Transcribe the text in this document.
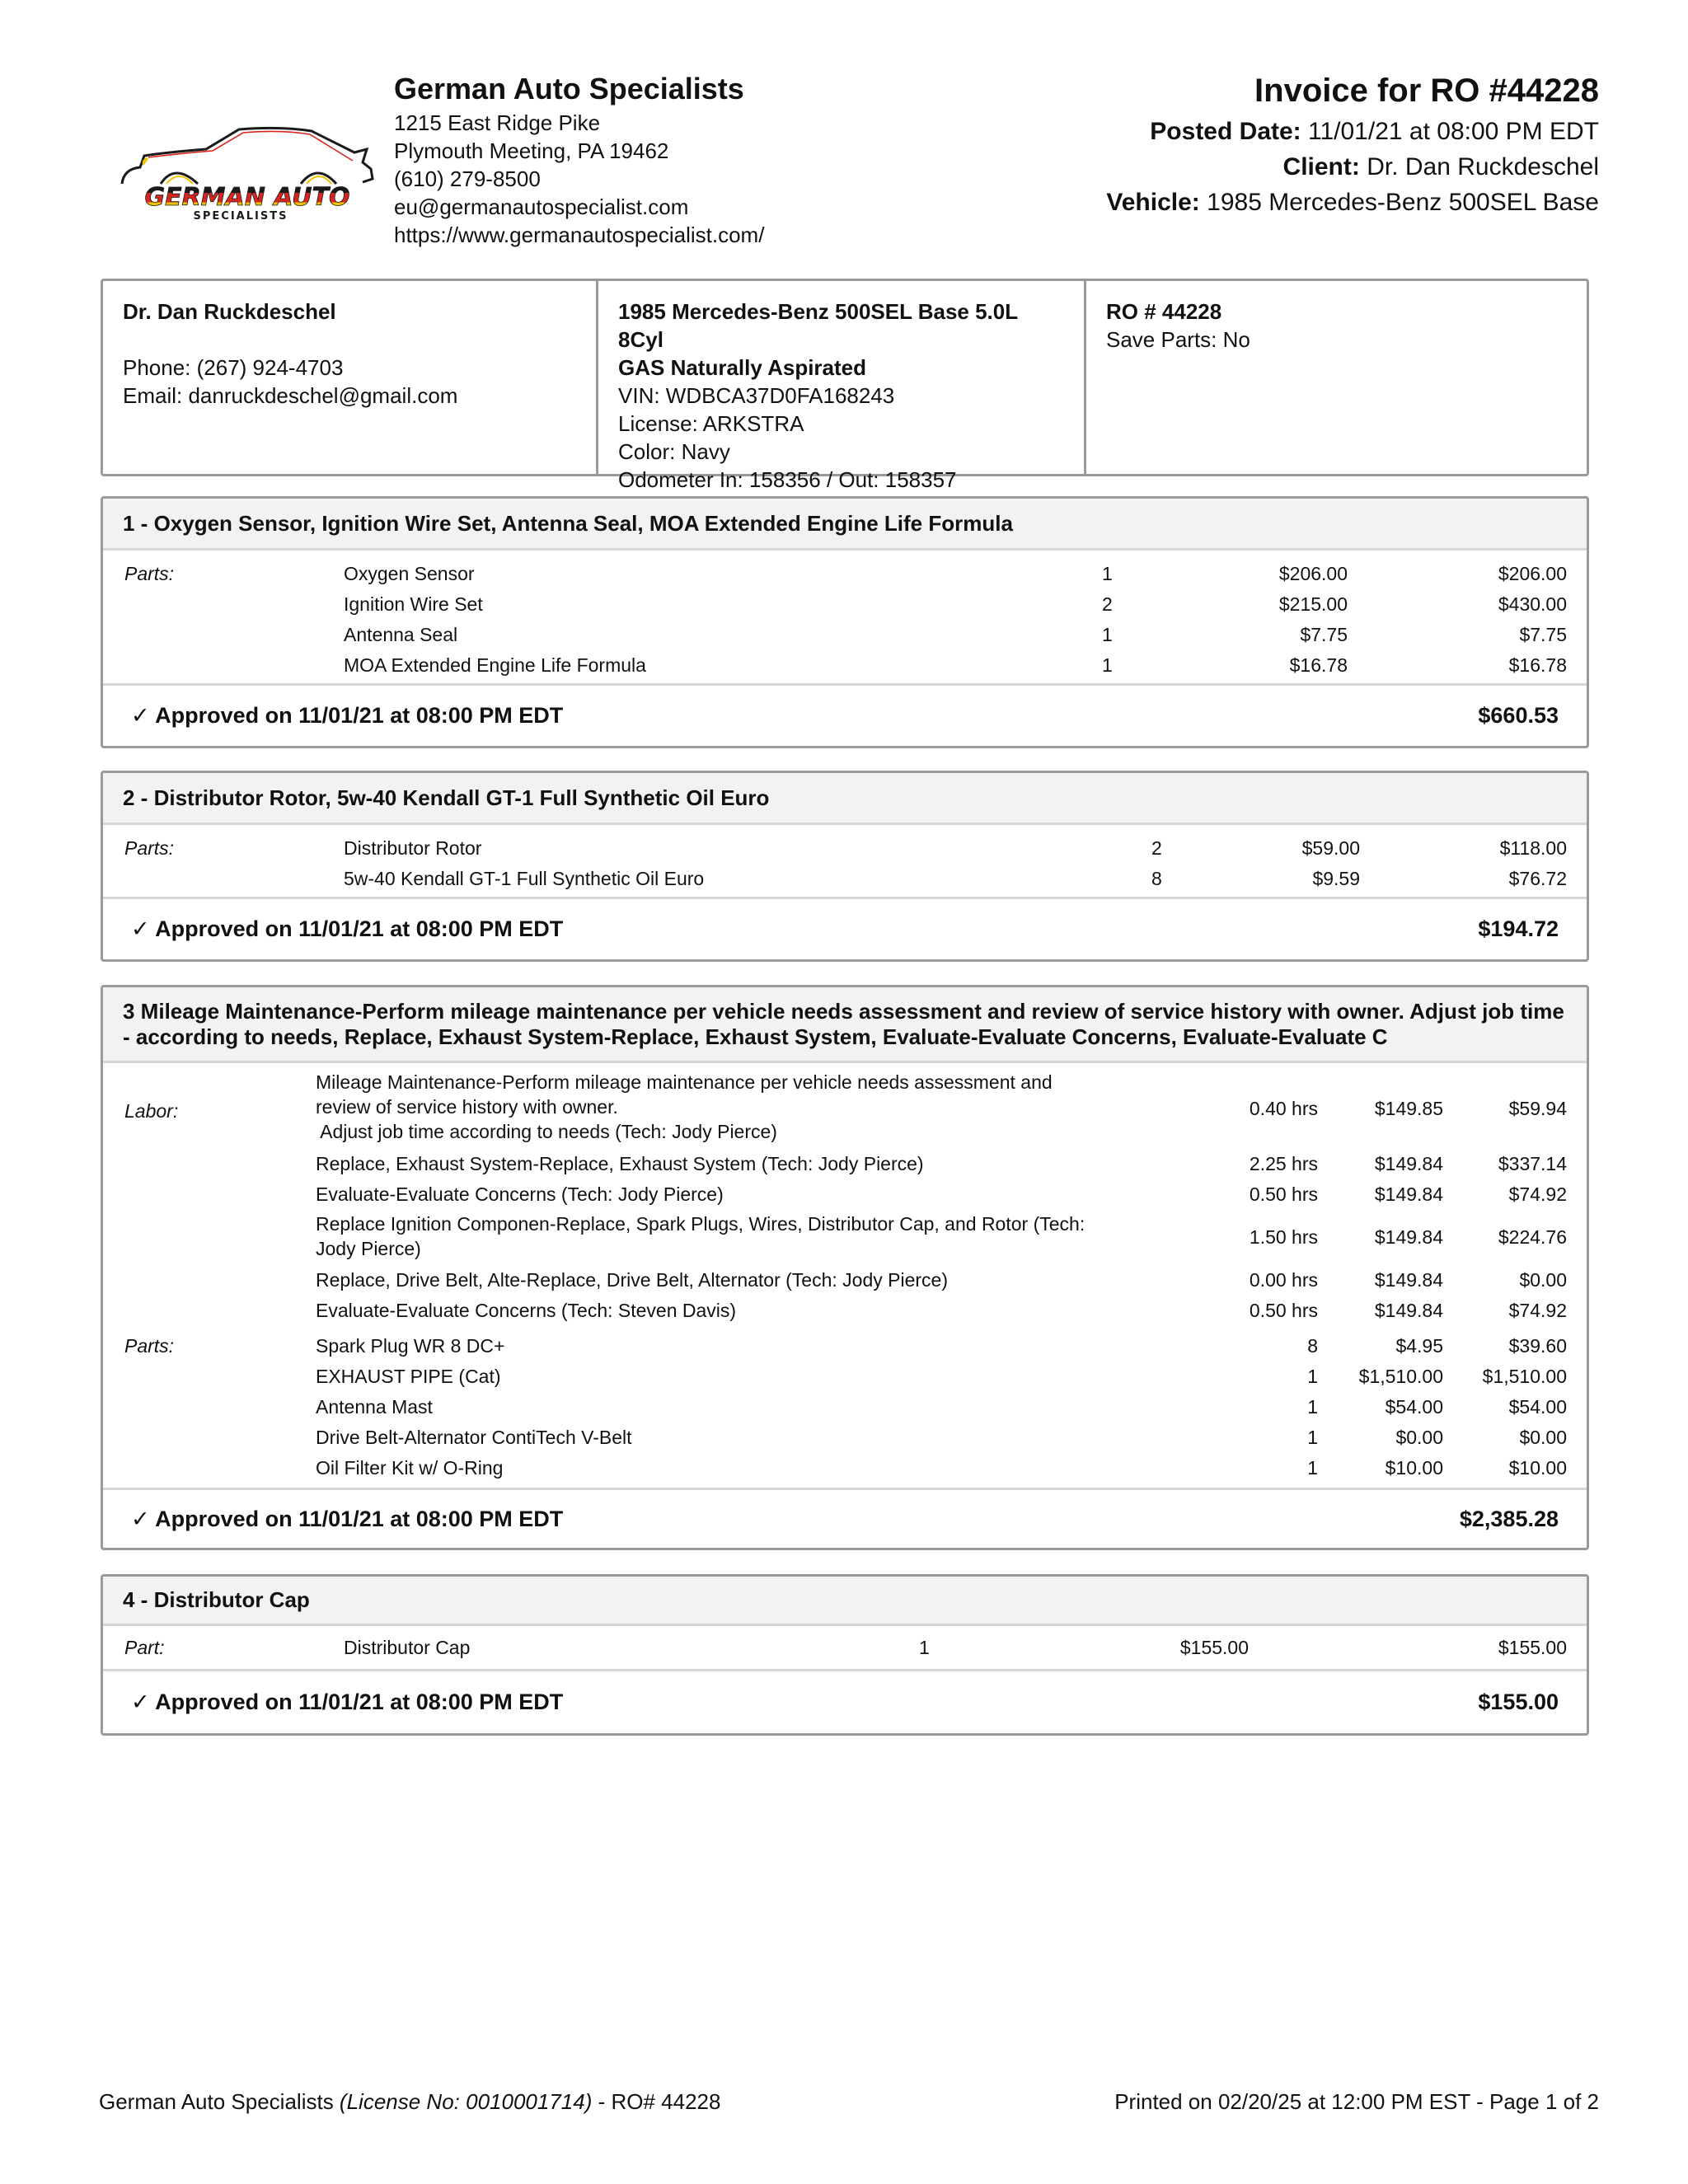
GERMAN AUTO
SPECIALISTS
German Auto Specialists
1215 East Ridge Pike
Plymouth Meeting, PA 19462
(610) 279-8500
eu@germanautospecialist.com
https://www.germanautospecialist.com/
Invoice for RO #44228
Posted Date: 11/01/21 at 08:00 PM EDT
Client: Dr. Dan Ruckdeschel
Vehicle: 1985 Mercedes-Benz 500SEL Base
Dr. Dan Ruckdeschel
Phone: (267) 924-4703
Email: danruckdeschel@gmail.com
1985 Mercedes-Benz 500SEL Base 5.0L 8Cyl
GAS Naturally Aspirated
VIN: WDBCA37D0FA168243
License: ARKSTRA
Color: Navy
Odometer In: 158356 / Out: 158357
RO # 44228
Save Parts: No
1 - Oxygen Sensor, Ignition Wire Set, Antenna Seal, MOA Extended Engine Life Formula
Parts:	Oxygen Sensor	1	$206.00	$206.00
Ignition Wire Set	2	$215.00	$430.00
Antenna Seal	1	$7.75	$7.75
MOA Extended Engine Life Formula	1	$16.78	$16.78
✓ Approved on 11/01/21 at 08:00 PM EDT	$660.53
2 - Distributor Rotor, 5w-40 Kendall GT-1 Full Synthetic Oil Euro
Parts:	Distributor Rotor	2	$59.00	$118.00
5w-40 Kendall GT-1 Full Synthetic Oil Euro	8	$9.59	$76.72
✓ Approved on 11/01/21 at 08:00 PM EDT	$194.72
3 Mileage Maintenance-Perform mileage maintenance per vehicle needs assessment and review of service history with owner. Adjust job time
- according to needs, Replace, Exhaust System-Replace, Exhaust System, Evaluate-Evaluate Concerns, Evaluate-Evaluate C
Labor:
Mileage Maintenance-Perform mileage maintenance per vehicle needs assessment and
review of service history with owner.
Adjust job time according to needs (Tech: Jody Pierce)
0.40 hrs	$149.85	$59.94
Replace, Exhaust System-Replace, Exhaust System (Tech: Jody Pierce)	2.25 hrs	$149.84	$337.14
Evaluate-Evaluate Concerns (Tech: Jody Pierce)	0.50 hrs	$149.84	$74.92
Replace Ignition Componen-Replace, Spark Plugs, Wires, Distributor Cap, and Rotor (Tech:
Jody Pierce)
1.50 hrs	$149.84	$224.76
Replace, Drive Belt, Alte-Replace, Drive Belt, Alternator (Tech: Jody Pierce)	0.00 hrs	$149.84	$0.00
Evaluate-Evaluate Concerns (Tech: Steven Davis)	0.50 hrs	$149.84	$74.92
Parts:	Spark Plug WR 8 DC+	8	$4.95	$39.60
EXHAUST PIPE (Cat)	1 $1,510.00 $1,510.00
Antenna Mast	1	$54.00	$54.00
Drive Belt-Alternator ContiTech V-Belt	1	$0.00	$0.00
Oil Filter Kit w/ O-Ring	1	$10.00	$10.00
✓ Approved on 11/01/21 at 08:00 PM EDT	$2,385.28
4 - Distributor Cap
Part:	Distributor Cap	1	$155.00	$155.00
✓ Approved on 11/01/21 at 08:00 PM EDT	$155.00
German Auto Specialists (License No: 0010001714) - RO# 44228	Printed on 02/20/25 at 12:00 PM EST - Page 1 of 2
